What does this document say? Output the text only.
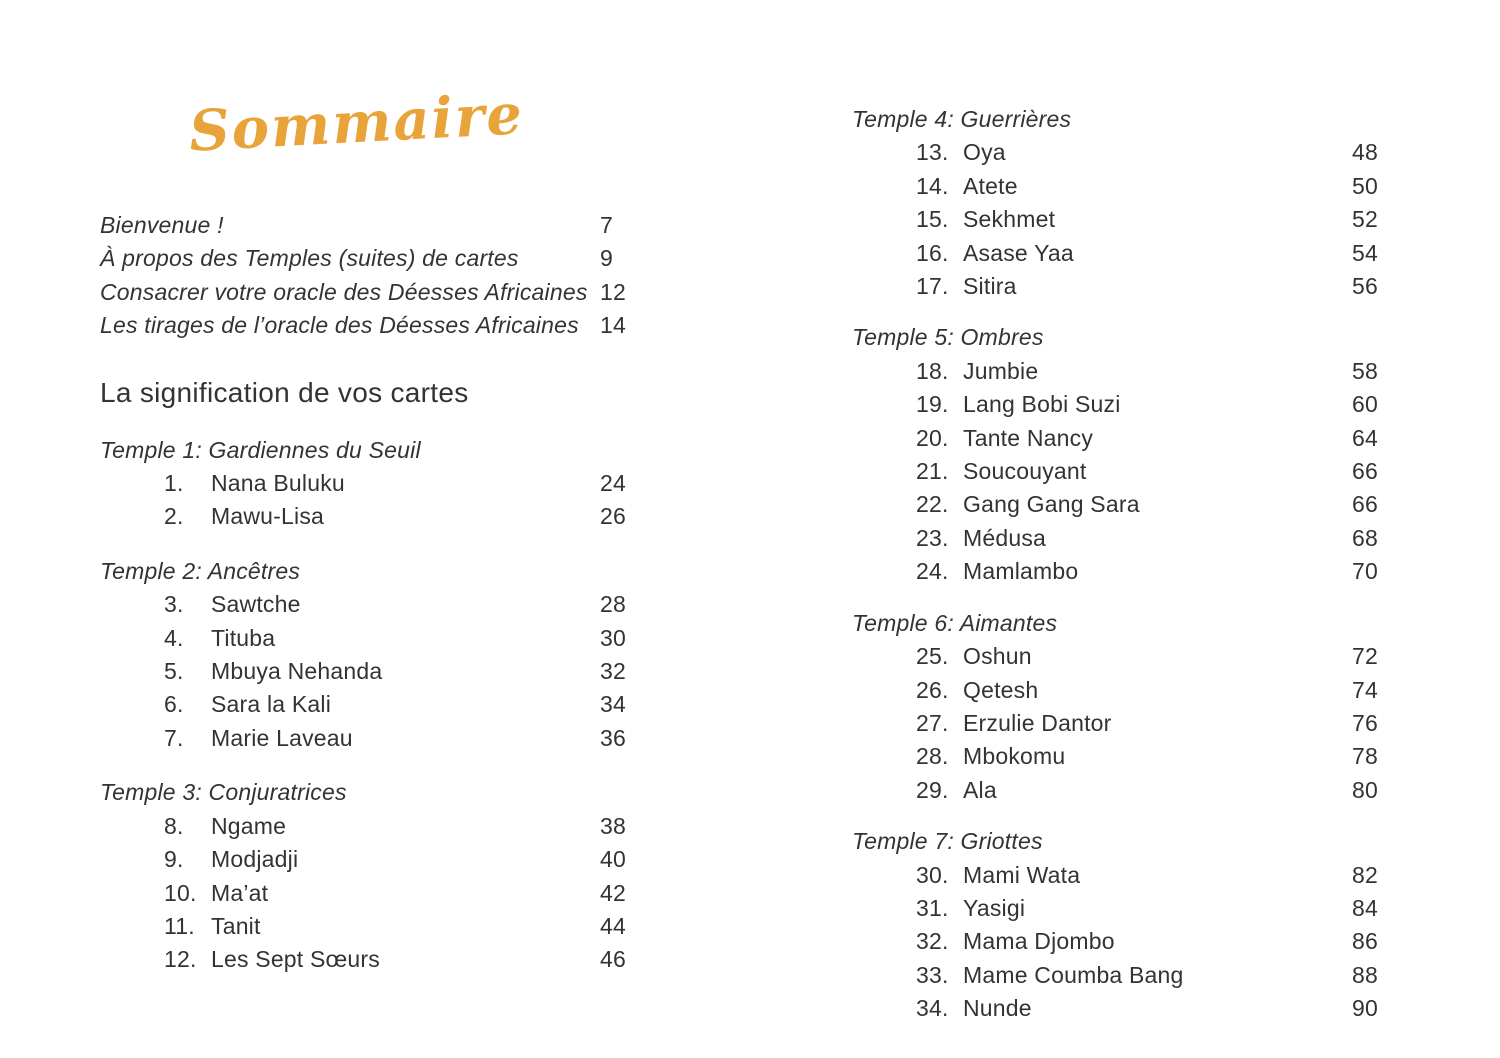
Sommaire
Bienvenue !	7
À propos des Temples (suites) de cartes	9
Consacrer votre oracle des Déesses Africaines 12
Les tirages de l’oracle des Déesses Africaines 14
La signification de vos cartes
Temple 1: Gardiennes du Seuil
1.	Nana Buluku	24
2.	Mawu-Lisa	26
Temple 2: Ancêtres
3.	Sawtche	28
4.	Tituba	30
5.	Mbuya Nehanda	32
6.	Sara la Kali	34
7.	Marie Laveau	36
Temple 3: Conjuratrices
8.	Ngame	38
9.	Modjadji	40
10. Ma’at	42
11. Tanit	44
12. Les Sept Sœurs	46
Temple 4: Guerrières
13. Oya	48
14. Atete	50
15. Sekhmet	52
16. Asase Yaa	54
17. Sitira	56
Temple 5: Ombres
18. Jumbie	58
19. Lang Bobi Suzi	60
20. Tante Nancy	64
21. Soucouyant	66
22. Gang Gang Sara	66
23. Médusa	68
24. Mamlambo	70
Temple 6: Aimantes
25. Oshun	72
26. Qetesh	74
27. Erzulie Dantor	76
28. Mbokomu	78
29. Ala	80
Temple 7: Griottes
30. Mami Wata	82
31. Yasigi	84
32. Mama Djombo	86
33. Mame Coumba Bang	88
34. Nunde	90
